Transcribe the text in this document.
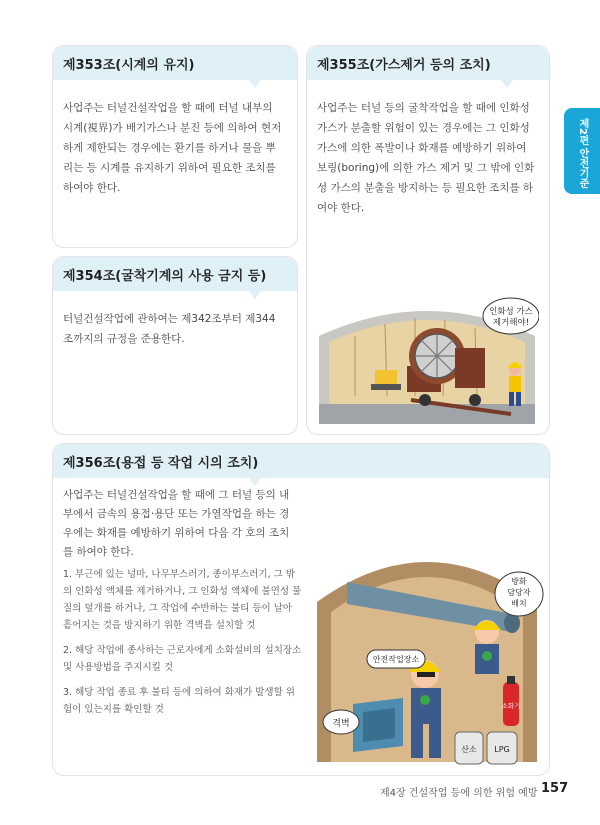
제2편 안전기준
제353조(시계의 유지)
사업주는 터널건설작업을 할 때에 터널 내부의 시계(視界)가 배기가스나 분진 등에 의하여 현저하게 제한되는 경우에는 환기를 하거나 물을 뿌리는 등 시계를 유지하기 위하여 필요한 조치를 하여야 한다.
제355조(가스제거 등의 조치)
사업주는 터널 등의 굴착작업을 할 때에 인화성 가스가 분출할 위험이 있는 경우에는 그 인화성 가스에 의한 폭발이나 화재를 예방하기 위하여 보링(boring)에 의한 가스 제거 및 그 밖에 인화성 가스의 분출을 방지하는 등 필요한 조치를 하여야 한다.
인화성 가스
제거해야!
제354조(굴착기계의 사용 금지 등)
터널건설작업에 관하여는 제342조부터 제344조까지의 규정을 준용한다.
제356조(용접 등 작업 시의 조치)
사업주는 터널건설작업을 할 때에 그 터널 등의 내부에서 금속의 용접·용단 또는 가열작업을 하는 경우에는 화재를 예방하기 위하여 다음 각 호의 조치를 하여야 한다.
1. 부근에 있는 넝마, 나무부스러기, 종이부스러기, 그 밖의 인화성 액체를 제거하거나, 그 인화성 액체에 불연성 물질의 덮개를 하거나, 그 작업에 수반하는 불티 등이 날아 흩어지는 것을 방지하기 위한 격벽을 설치할 것
2. 해당 작업에 종사하는 근로자에게 소화설비의 설치장소 및 사용방법을 주지시킬 것
3. 해당 작업 종료 후 불티 등에 의하여 화재가 발생할 위험이 있는지를 확인할 것
방화
담당자
배치
안전작업장소
격벽
소화기
산소 LPG
제4장 건설작업 등에 의한 위험 예방 157
